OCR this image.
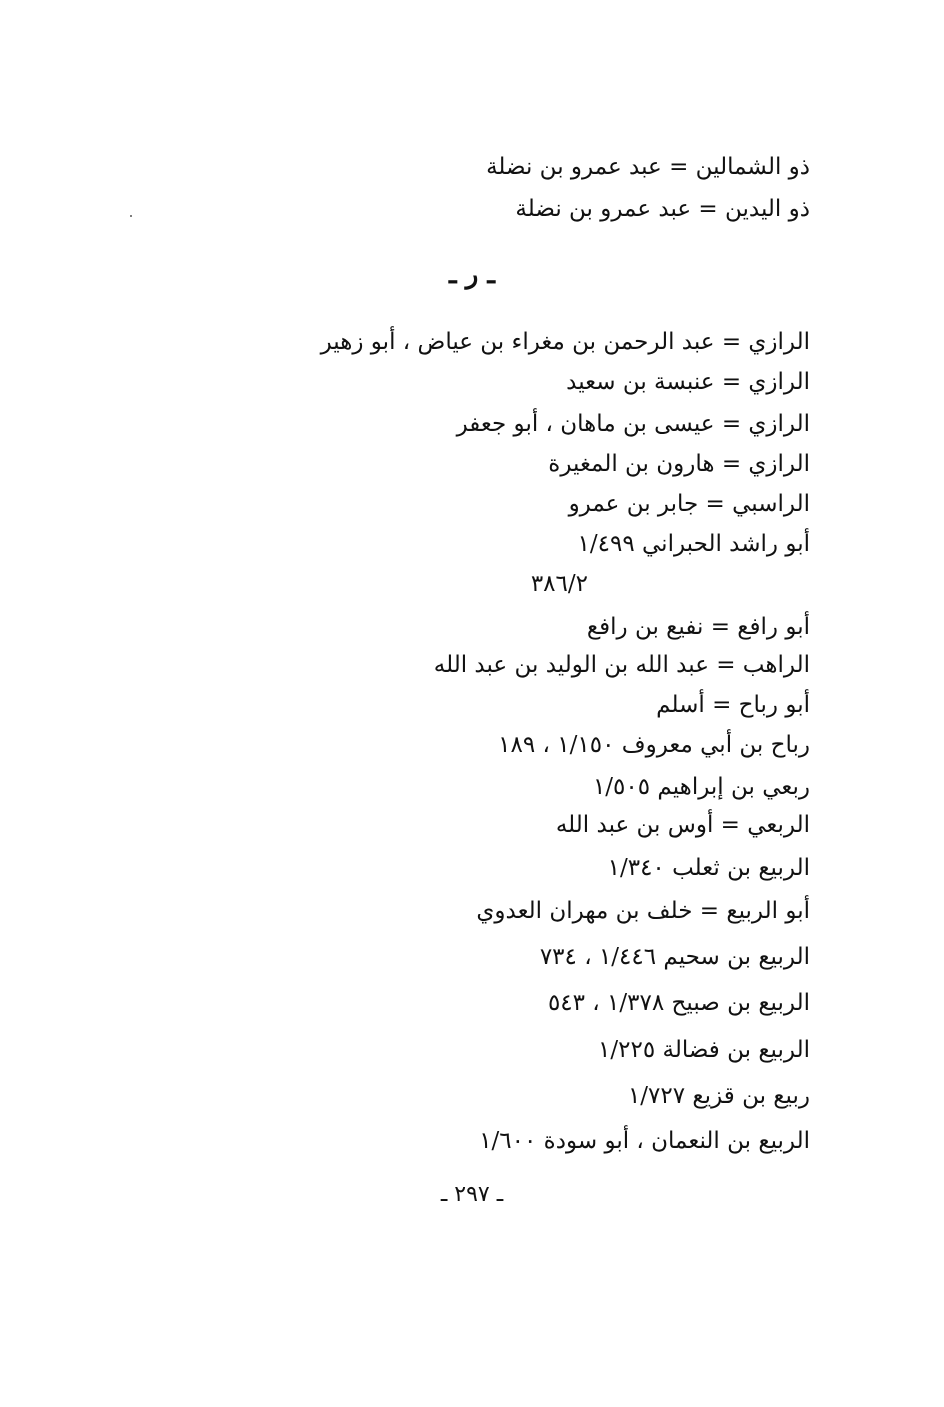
ذو الشمالين = عبد عمرو بن نضلة
ذو اليدين = عبد عمرو بن نضلة
ـ ر ـ
الرازي = عبد الرحمن بن مغراء بن عياض ، أبو زهير
الرازي = عنبسة بن سعيد
الرازي = عيسى بن ماهان ، أبو جعفر
الرازي = هارون بن المغيرة
الراسبي = جابر بن عمرو
أبو راشد الحبراني ١/٤٩٩
٣٨٦/٢
أبو رافع = نفيع بن رافع
الراهب = عبد الله بن الوليد بن عبد الله
أبو رباح = أسلم
رباح بن أبي معروف ١/١٥٠ ، ١٨٩
ربعي بن إبراهيم ١/٥٠٥
الربعي = أوس بن عبد الله
الربيع بن ثعلب ١/٣٤٠
أبو الربيع = خلف بن مهران العدوي
الربيع بن سحيم ١/٤٤٦ ، ٧٣٤
الربيع بن صبيح ١/٣٧٨ ، ٥٤٣
الربيع بن فضالة ١/٢٢٥
ربيع بن قزيع ١/٧٢٧
الربيع بن النعمان ، أبو سودة ١/٦٠٠
ـ ٢٩٧ ـ
